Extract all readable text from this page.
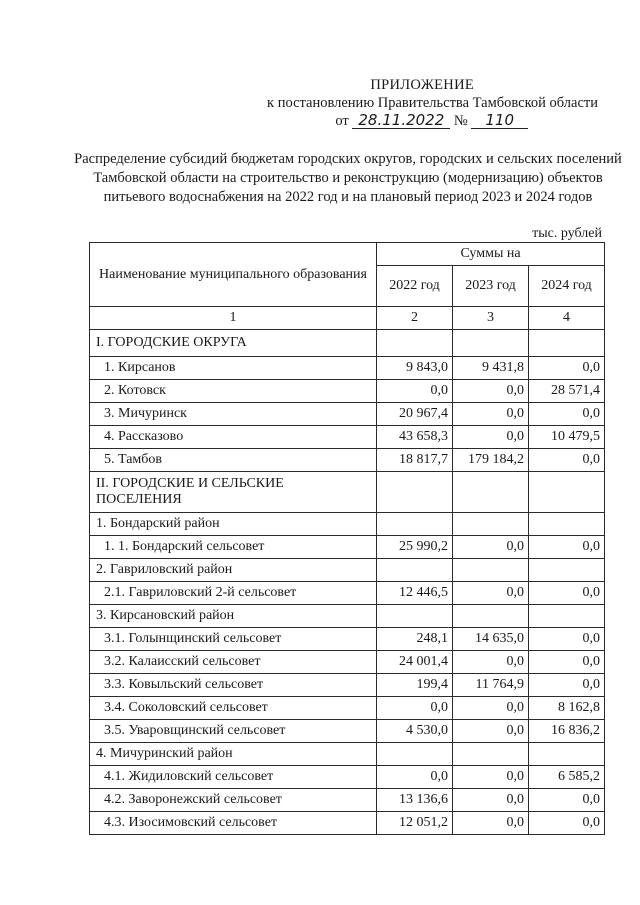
ПРИЛОЖЕНИЕ
к постановлению Правительства Тамбовской области
от 28.11.2022 № 110
Распределение субсидий бюджетам городских округов, городских и сельских поселений Тамбовской области на строительство и реконструкцию (модернизацию) объектов питьевого водоснабжения на 2022 год и на плановый период 2023 и 2024 годов
тыс. рублей
Наименование муниципального образования	Суммы на		
	2022 год	2023 год	2024 год
1	2	3	4
I. ГОРОДСКИЕ ОКРУГА			
1. Кирсанов	9 843,0	9 431,8	0,0
2. Котовск	0,0	0,0	28 571,4
3. Мичуринск	20 967,4	0,0	0,0
4. Рассказово	43 658,3	0,0	10 479,5
5. Тамбов	18 817,7	179 184,2	0,0
II. ГОРОДСКИЕ И СЕЛЬСКИЕ ПОСЕЛЕНИЯ			
1. Бондарский район			
1. 1. Бондарский сельсовет	25 990,2	0,0	0,0
2. Гавриловский район			
2.1. Гавриловский 2-й сельсовет	12 446,5	0,0	0,0
3. Кирсановский район			
3.1. Голынщинский сельсовет	248,1	14 635,0	0,0
3.2. Калаисский сельсовет	24 001,4	0,0	0,0
3.3. Ковыльский сельсовет	199,4	11 764,9	0,0
3.4. Соколовский сельсовет	0,0	0,0	8 162,8
3.5. Уваровщинский сельсовет	4 530,0	0,0	16 836,2
4. Мичуринский район			
4.1. Жидиловский сельсовет	0,0	0,0	6 585,2
4.2. Заворонежский сельсовет	13 136,6	0,0	0,0
4.3. Изосимовский сельсовет	12 051,2	0,0	0,0
